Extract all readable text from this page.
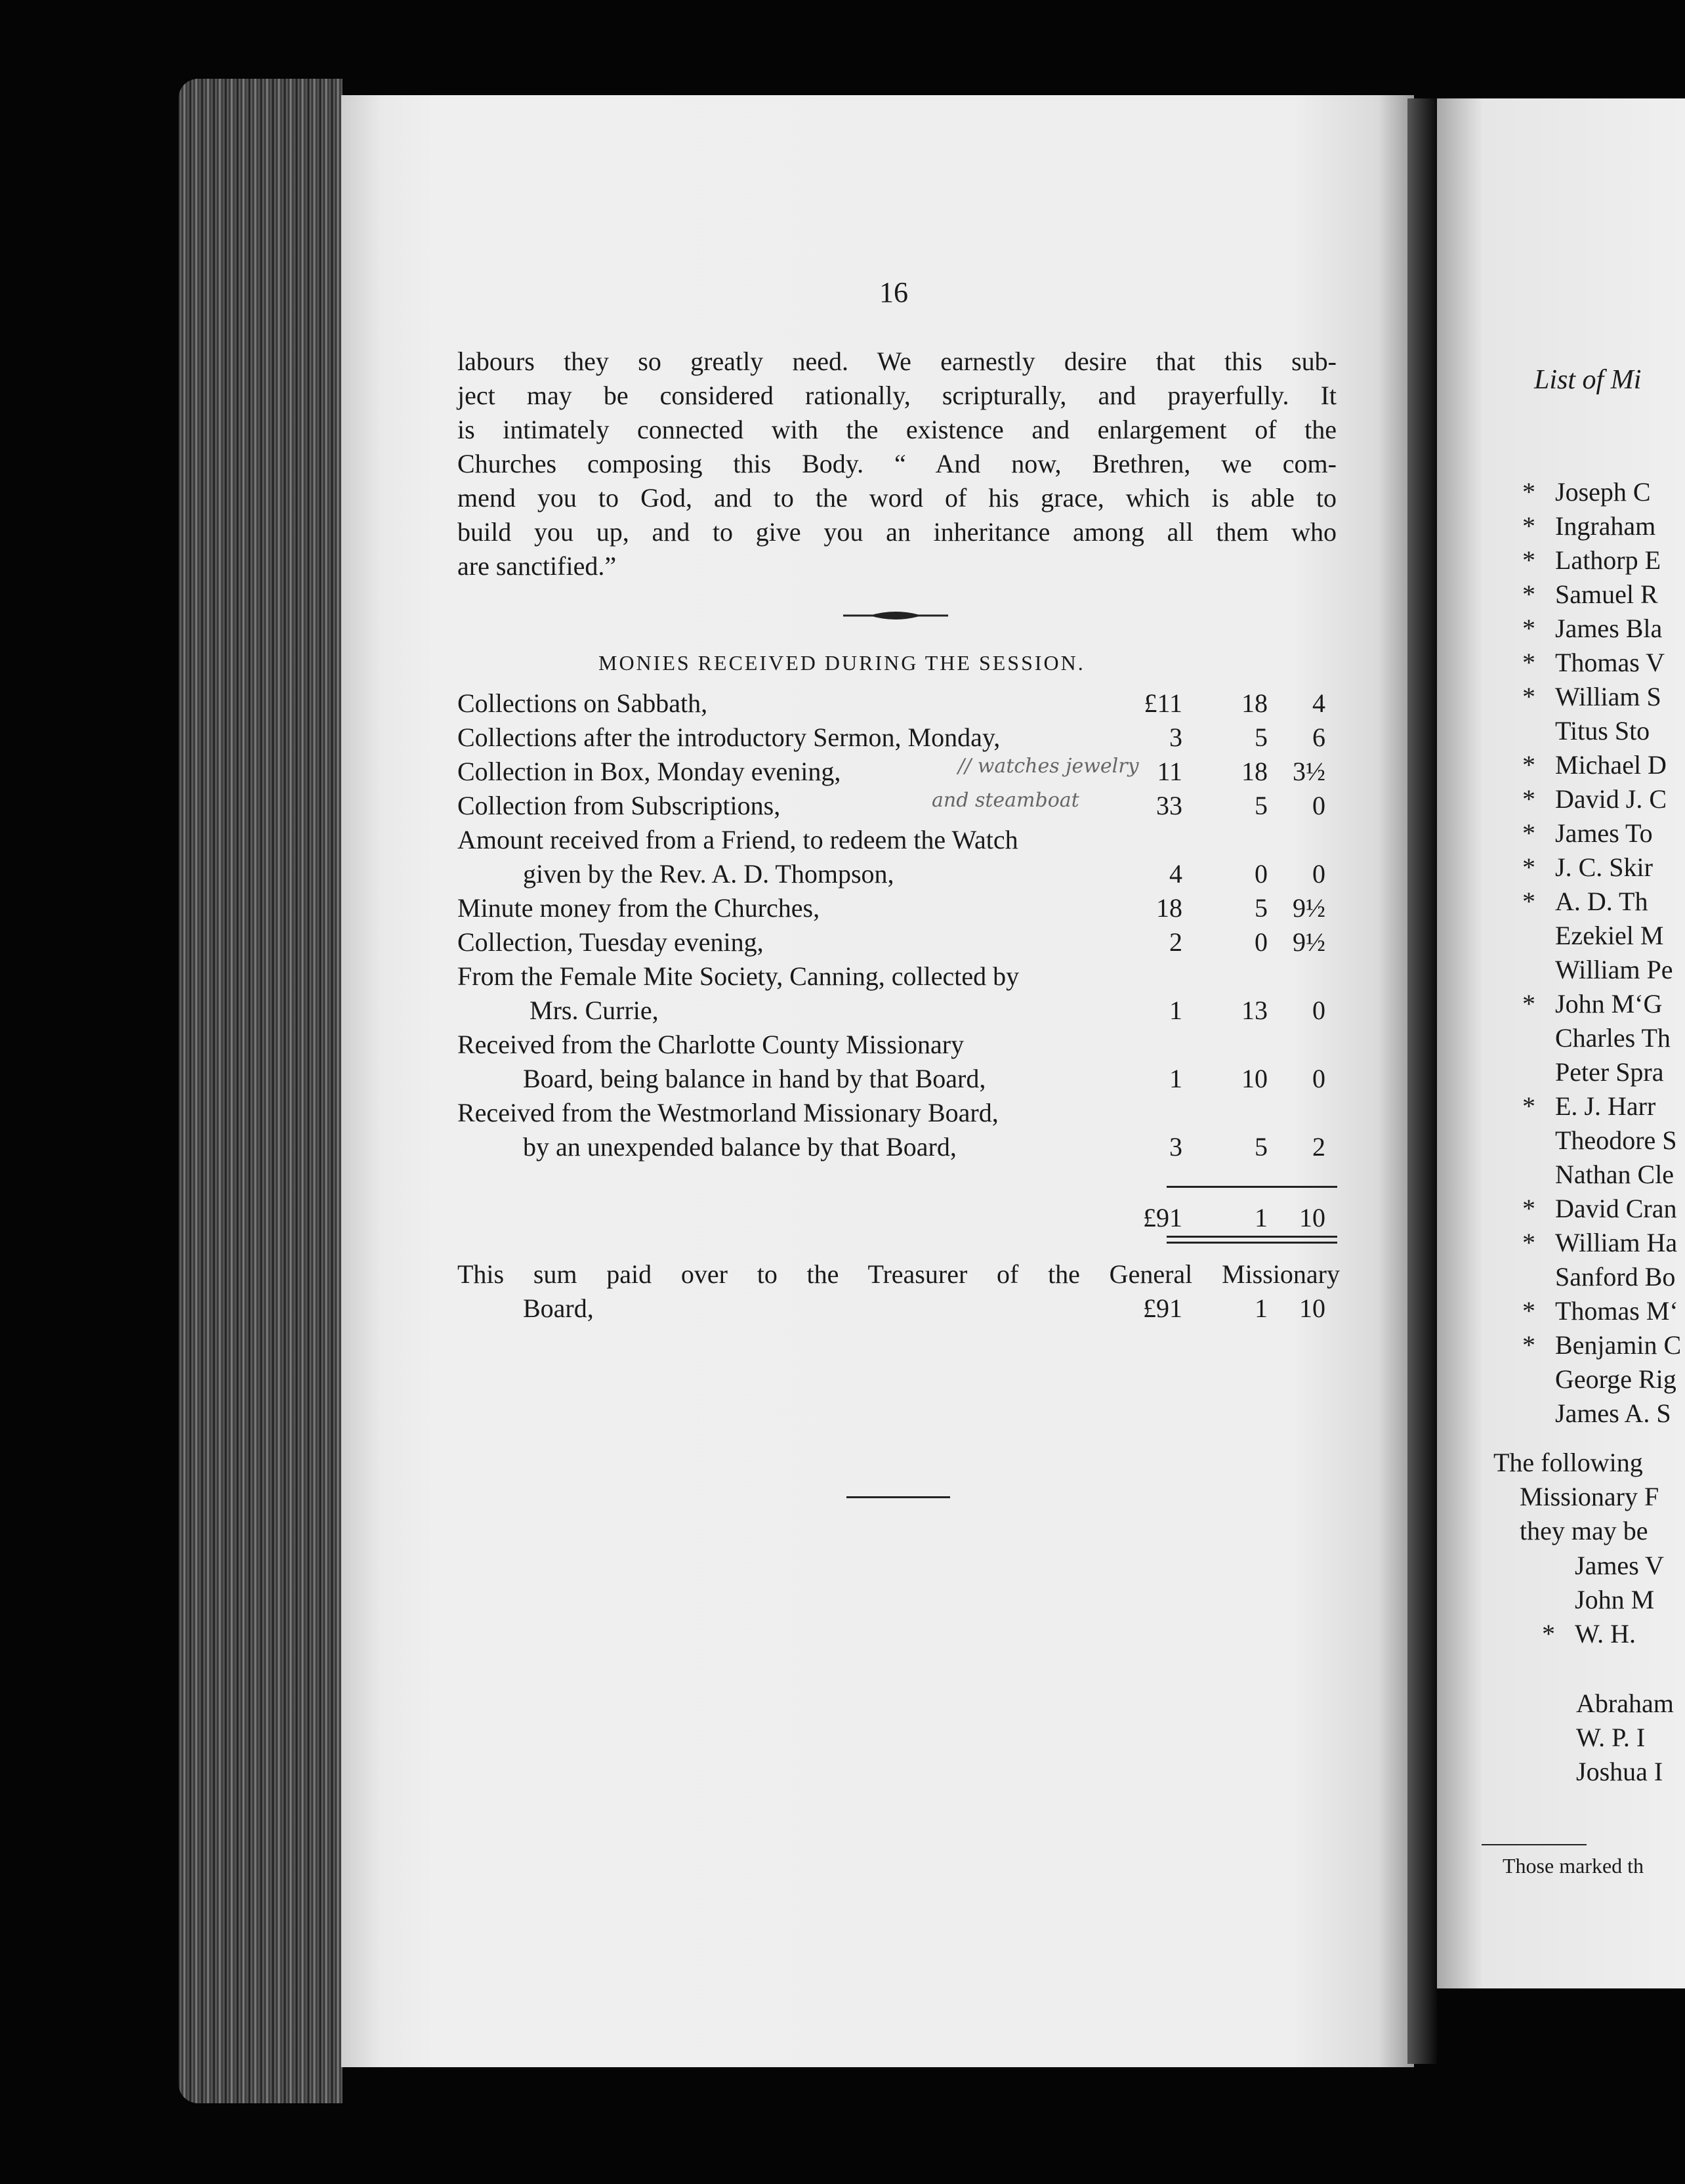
16
labours they so greatly need. We earnestly desire that this sub-
ject may be considered rationally, scripturally, and prayerfully. It
is intimately connected with the existence and enlargement of the
Churches composing this Body. “ And now, Brethren, we com-
mend you to God, and to the word of his grace, which is able to
build you up, and to give you an inheritance among all them who
are sanctified.”
MONIES RECEIVED DURING THE SESSION.
Collections on Sabbath,	£11 18 4
Collections after the introductory Sermon, Monday,	3	5 6
Collection in Box, Monday evening,	11 18 3½
Collection from Subscriptions,	33	5 0
Amount received from a Friend, to redeem the Watch
given by the Rev. A. D. Thompson,	4	0 0
Minute money from the Churches,	18	5 9½
Collection, Tuesday evening,	2	0 9½
From the Female Mite Society, Canning, collected by
Mrs. Currie,	1 13 0
Received from the Charlotte County Missionary
Board, being balance in hand by that Board,	1 10 0
Received from the Westmorland Missionary Board,
by an unexpended balance by that Board,	3	5 2
£91	1 10
This sum paid over to the Treasurer of the General Missionary
Board,	£91	1 10
// watches jewelry
and steamboat
List of Mi
* Joseph C
* Ingraham
* Lathorp E
* Samuel R
* James Bla
* Thomas V
* William S
Titus Sto
* Michael D
* David J. C
* James To
* J. C. Skir
* A. D. Th
Ezekiel M
William Pe
* John M‘G
Charles Th
Peter Spra
* E. J. Harr
Theodore S
Nathan Cle
* David Cran
* William Ha
Sanford Bo
* Thomas M‘
* Benjamin C
George Rig
James A. S
The following
Missionary F
they may be
James V
John M
* W. H.
Abraham
W. P. I
Joshua I
Those marked th
